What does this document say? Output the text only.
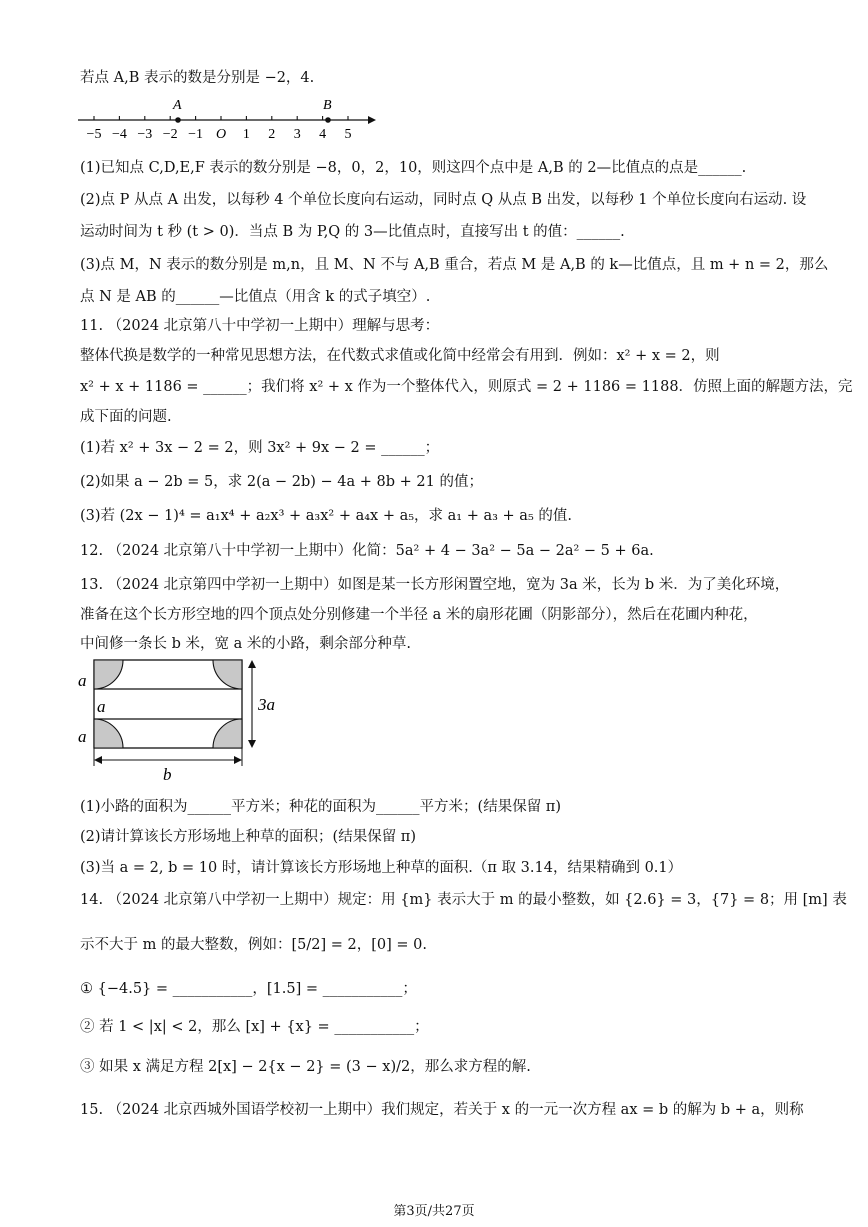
若点 A,B 表示的数是分别是 −2，4.
−5 −4 −3 −2 −1 O 1 2 3 4 5
A	B
(1)已知点 C,D,E,F 表示的数分别是 −8，0，2，10，则这四个点中是 A,B 的 2—比值点的点是______.
(2)点 P 从点 A 出发，以每秒 4 个单位长度向右运动，同时点 Q 从点 B 出发，以每秒 1 个单位长度向右运动. 设
运动时间为 t 秒 (t > 0)．当点 B 为 P,Q 的 3—比值点时，直接写出 t 的值：______.
(3)点 M，N 表示的数分别是 m,n，且 M、N 不与 A,B 重合，若点 M 是 A,B 的 k—比值点，且 m + n = 2，那么
点 N 是 AB 的______—比值点（用含 k 的式子填空）.
11. （2024 北京第八十中学初一上期中）理解与思考：
整体代换是数学的一种常见思想方法，在代数式求值或化简中经常会有用到．例如：x² + x = 2，则
x² + x + 1186 = ______；我们将 x² + x 作为一个整体代入，则原式 = 2 + 1186 = 1188．仿照上面的解题方法，完
成下面的问题.
(1)若 x² + 3x − 2 = 2，则 3x² + 9x − 2 = ______；
(2)如果 a − 2b = 5，求 2(a − 2b) − 4a + 8b + 21 的值；
(3)若 (2x − 1)⁴ = a₁x⁴ + a₂x³ + a₃x² + a₄x + a₅，求 a₁ + a₃ + a₅ 的值.
12. （2024 北京第八十中学初一上期中）化简：5a² + 4 − 3a² − 5a − 2a² − 5 + 6a.
13. （2024 北京第四中学初一上期中）如图是某一长方形闲置空地，宽为 3a 米，长为 b 米．为了美化环境，
准备在这个长方形空地的四个顶点处分别修建一个半径 a 米的扇形花圃（阴影部分），然后在花圃内种花，
中间修一条长 b 米，宽 a 米的小路，剩余部分种草.
a
a
a
3a
b
(1)小路的面积为______平方米；种花的面积为______平方米；(结果保留 π)
(2)请计算该长方形场地上种草的面积；(结果保留 π)
(3)当 a = 2, b = 10 时，请计算该长方形场地上种草的面积.（π 取 3.14，结果精确到 0.1）
14. （2024 北京第八中学初一上期中）规定：用 {m} 表示大于 m 的最小整数，如 {2.6} = 3，{7} = 8；用 [m] 表
示不大于 m 的最大整数，例如：[5/2] = 2，[0] = 0.
① {−4.5} = ___________，[1.5] = ___________；
② 若 1 < |x| < 2，那么 [x] + {x} = ___________；
③ 如果 x 满足方程 2[x] − 2{x − 2} = (3 − x)/2，那么求方程的解.
15. （2024 北京西城外国语学校初一上期中）我们规定，若关于 x 的一元一次方程 ax = b 的解为 b + a，则称
第3页/共27页
